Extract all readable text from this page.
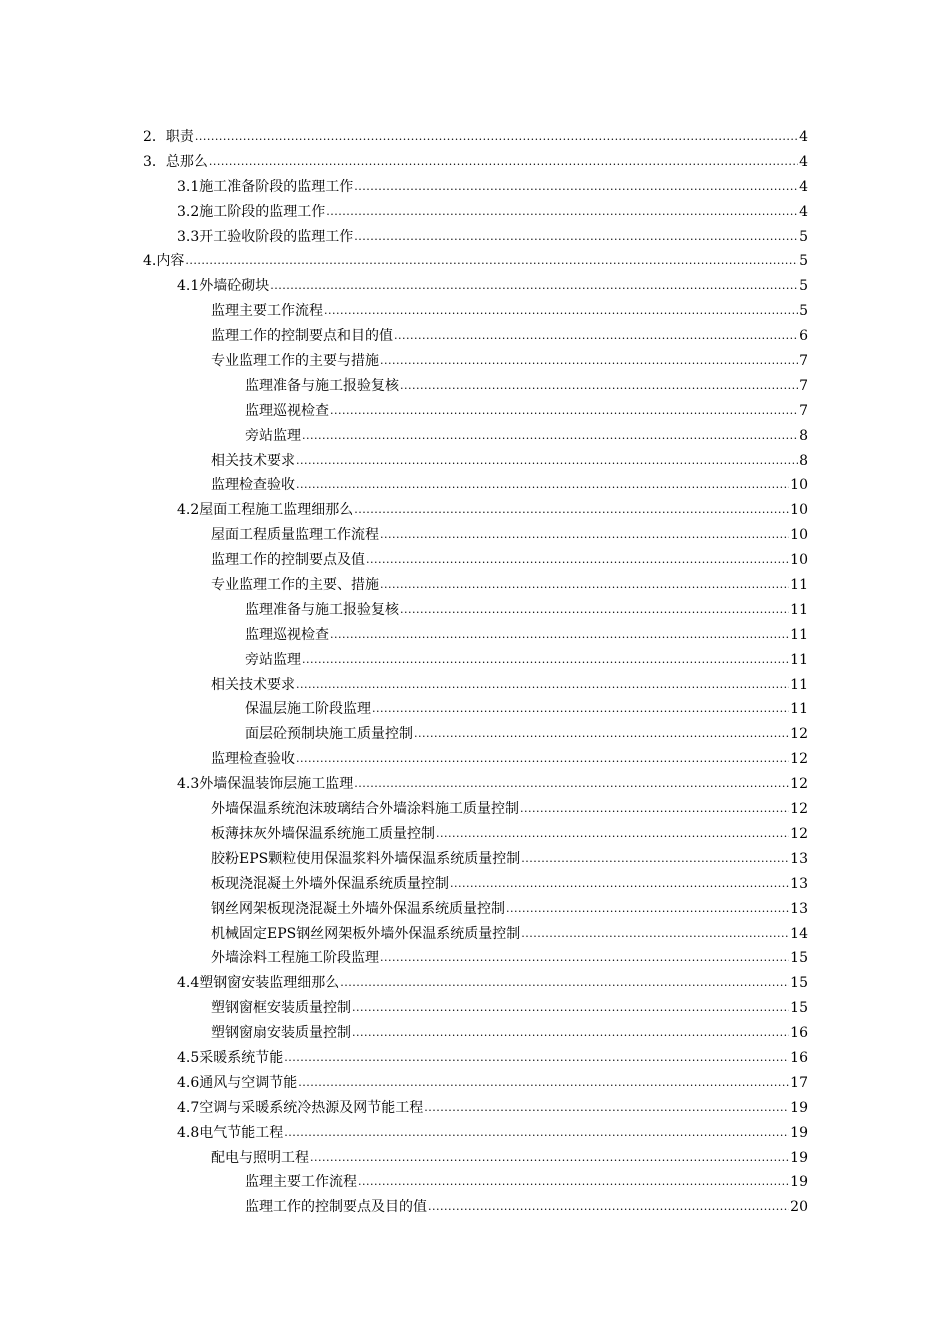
2．职责 .....	4
3．总那么 .....	4
3.1施工准备阶段的监理工作 .....	4
3.2施工阶段的监理工作 .....	4
3.3开工验收阶段的监理工作 .....	5
4.内容 .....	5
4.1外墙砼砌块 .....	5
监理主要工作流程 .....	5
监理工作的控制要点和目的值 .....	6
专业监理工作的主要与措施 .....	7
监理准备与施工报验复核 .....	7
监理巡视检查 .....	7
旁站监理 .....	8
相关技术要求 .....	8
监理检查验收 .....	10
4.2屋面工程施工监理细那么 .....	10
屋面工程质量监理工作流程 .....	10
监理工作的控制要点及值 .....	10
专业监理工作的主要、措施 .....	11
监理准备与施工报验复核 .....	11
监理巡视检查 .....	11
旁站监理 .....	11
相关技术要求 .....	11
保温层施工阶段监理 .....	11
面层砼预制块施工质量控制 .....	12
监理检查验收 .....	12
4.3外墙保温装饰层施工监理 .....	12
外墙保温系统泡沫玻璃结合外墙涂料施工质量控制 .....	12
板薄抹灰外墙保温系统施工质量控制 .....	12
胶粉EPS颗粒使用保温浆料外墙保温系统质量控制 .....	13
板现浇混凝土外墙外保温系统质量控制 .....	13
钢丝网架板现浇混凝土外墙外保温系统质量控制 .....	13
机械固定EPS钢丝网架板外墙外保温系统质量控制 .....	14
外墙涂料工程施工阶段监理 .....	15
4.4塑钢窗安装监理细那么 .....	15
塑钢窗框安装质量控制 .....	15
塑钢窗扇安装质量控制 .....	16
4.5采暖系统节能 .....	16
4.6通风与空调节能 .....	17
4.7空调与采暖系统冷热源及网节能工程 .....	19
4.8电气节能工程 .....	19
配电与照明工程 .....	19
监理主要工作流程 .....	19
监理工作的控制要点及目的值 .....	20
